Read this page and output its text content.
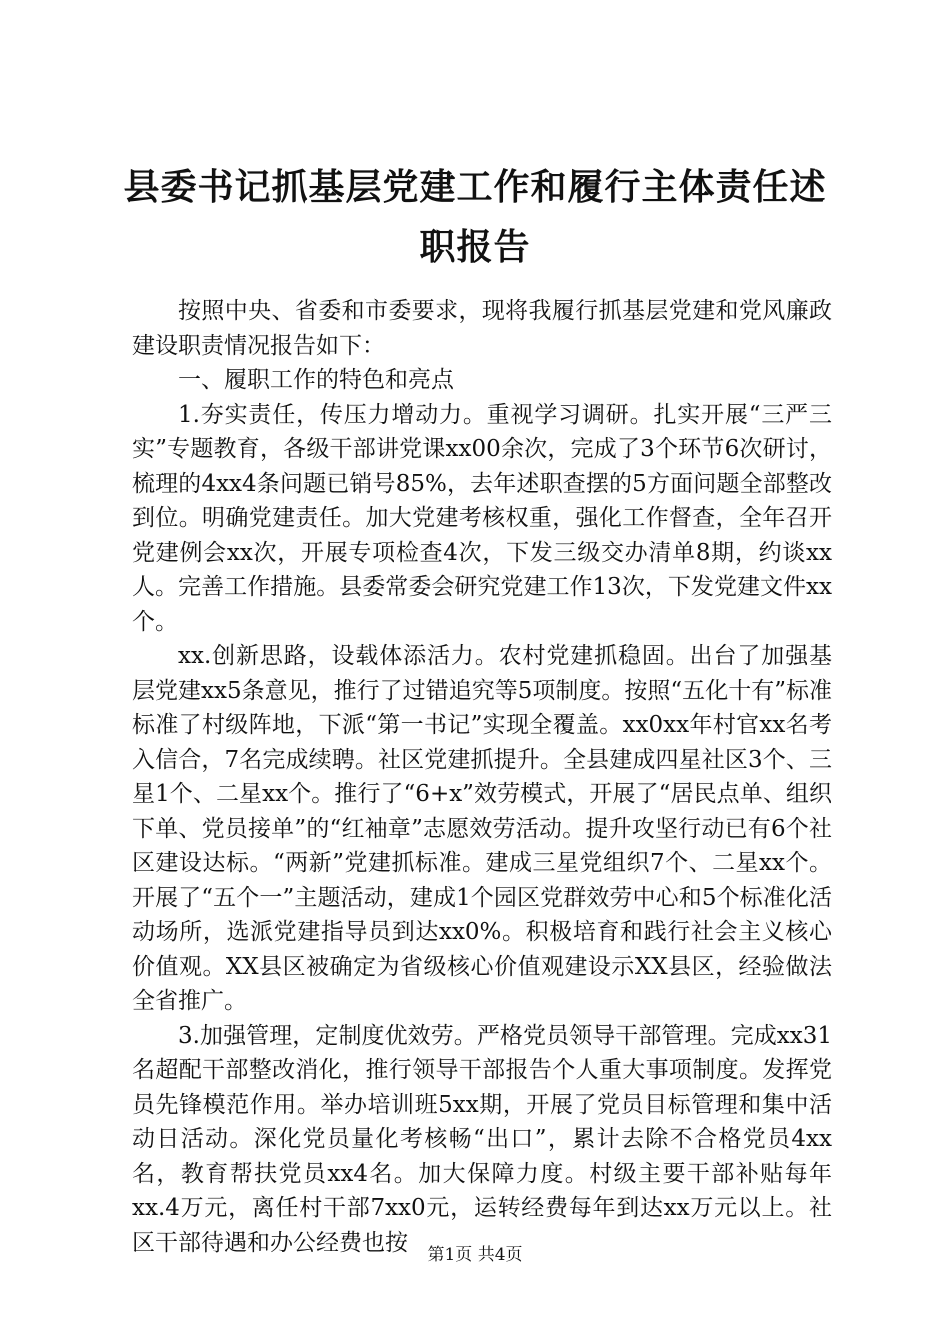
县委书记抓基层党建工作和履行主体责任述职报告

按照中央、省委和市委要求，现将我履行抓基层党建和党风廉政建设职责情况报告如下：

一、履职工作的特色和亮点

1.夯实责任，传压力增动力。重视学习调研。扎实开展“三严三实”专题教育，各级干部讲党课xx00余次，完成了3个环节6次研讨，梳理的4xx4条问题已销号85%，去年述职查摆的5方面问题全部整改到位。明确党建责任。加大党建考核权重，强化工作督查，全年召开党建例会xx次，开展专项检查4次，下发三级交办清单8期，约谈xx人。完善工作措施。县委常委会研究党建工作13次，下发党建文件xx个。

xx.创新思路，设载体添活力。农村党建抓稳固。出台了加强基层党建xx5条意见，推行了过错追究等5项制度。按照“五化十有”标准标准了村级阵地，下派“第一书记”实现全覆盖。xx0xx年村官xx名考入信合，7名完成续聘。社区党建抓提升。全县建成四星社区3个、三星1个、二星xx个。推行了“6+x”效劳模式，开展了“居民点单、组织下单、党员接单”的“红袖章”志愿效劳活动。提升攻坚行动已有6个社区建设达标。“两新”党建抓标准。建成三星党组织7个、二星xx个。开展了“五个一”主题活动，建成1个园区党群效劳中心和5个标准化活动场所，选派党建指导员到达xx0%。积极培育和践行社会主义核心价值观。XX县区被确定为省级核心价值观建设示XX县区，经验做法全省推广。

3.加强管理，定制度优效劳。严格党员领导干部管理。完成xx31名超配干部整改消化，推行领导干部报告个人重大事项制度。发挥党员先锋模范作用。举办培训班5xx期，开展了党员目标管理和集中活动日活动。深化党员量化考核畅“出口”，累计去除不合格党员4xx名，教育帮扶党员xx4名。加大保障力度。村级主要干部补贴每年xx.4万元，离任村干部7xx0元，运转经费每年到达xx万元以上。社区干部待遇和办公经费也按	第1页 共4页
